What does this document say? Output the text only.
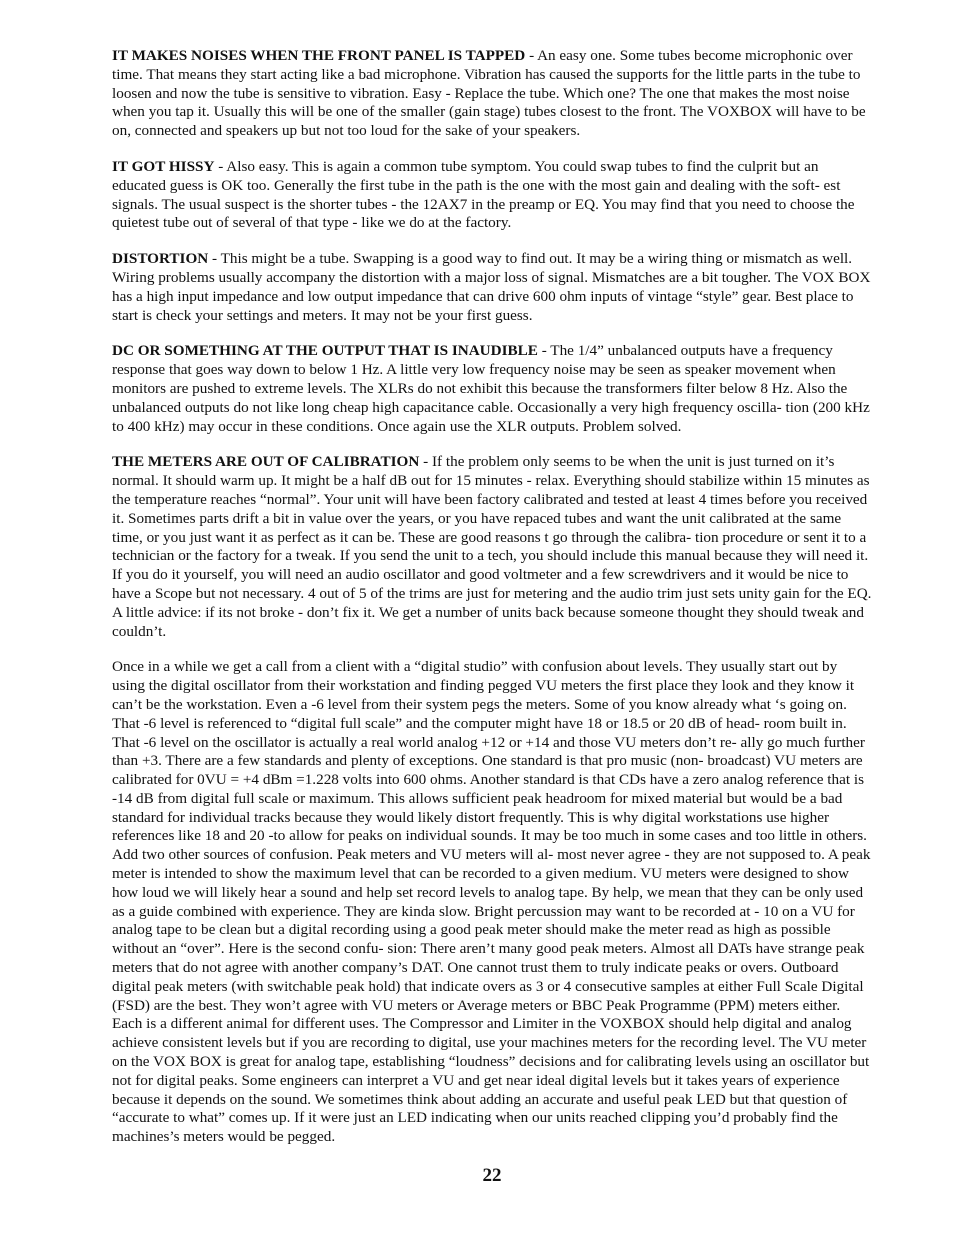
IT MAKES NOISES WHEN THE FRONT PANEL IS TAPPED - An easy one. Some tubes become microphonic over time. That means they start acting like a bad microphone. Vibration has caused the supports for the little parts in the tube to loosen and now the tube is sensitive to vibration. Easy - Replace the tube. Which one? The one that makes the most noise when you tap it. Usually this will be one of the smaller (gain stage) tubes closest to the front. The VOXBOX will have to be on, connected and speakers up but not too loud for the sake of your speakers.

IT GOT HISSY - Also easy. This is again a common tube symptom. You could swap tubes to find the culprit but an educated guess is OK too. Generally the first tube in the path is the one with the most gain and dealing with the soft- est signals. The usual suspect is the shorter tubes - the 12AX7 in the preamp or EQ. You may find that you need to choose the quietest tube out of several of that type - like we do at the factory.

DISTORTION - This might be a tube. Swapping is a good way to find out. It may be a wiring thing or mismatch as well. Wiring problems usually accompany the distortion with a major loss of signal. Mismatches are a bit tougher. The VOX BOX has a high input impedance and low output impedance that can drive 600 ohm inputs of vintage “style” gear. Best place to start is check your settings and meters. It may not be your first guess.

DC OR SOMETHING AT THE OUTPUT THAT IS INAUDIBLE - The 1/4” unbalanced outputs have a frequency response that goes way down to below 1 Hz. A little very low frequency noise may be seen as speaker movement when monitors are pushed to extreme levels. The XLRs do not exhibit this because the transformers filter below 8 Hz. Also the unbalanced outputs do not like long cheap high capacitance cable. Occasionally a very high frequency oscilla- tion (200 kHz to 400 kHz) may occur in these conditions. Once again use the XLR outputs. Problem solved.

THE METERS ARE OUT OF CALIBRATION - If the problem only seems to be when the unit is just turned on it’s normal. It should warm up. It might be a half dB out for 15 minutes - relax. Everything should stabilize within 15 minutes as the temperature reaches “normal”. Your unit will have been factory calibrated and tested at least 4 times before you received it. Sometimes parts drift a bit in value over the years, or you have repaced tubes and want the unit calibrated at the same time, or you just want it as perfect as it can be. These are good reasons t go through the calibra- tion procedure or sent it to a technician or the factory for a tweak. If you send the unit to a tech, you should include this manual because they will need it. If you do it yourself, you will need an audio oscillator and good voltmeter and a few screwdrivers and it would be nice to have a Scope but not necessary. 4 out of 5 of the trims are just for metering and the audio trim just sets unity gain for the EQ. A little advice: if its not broke - don’t fix it. We get a number of units back because someone thought they should tweak and couldn’t.

Once in a while we get a call from a client with a “digital studio” with confusion about levels. They usually start out by using the digital oscillator from their workstation and finding pegged VU meters the first place they look and they know it can’t be the workstation. Even a -6 level from their system pegs the meters. Some of you know already what ‘s going on. That -6 level is referenced to “digital full scale” and the computer might have 18 or 18.5 or 20 dB of head- room built in. That -6 level on the oscillator is actually a real world analog +12 or +14 and those VU meters don’t re- ally go much further than +3. There are a few standards and plenty of exceptions. One standard is that pro music (non- broadcast) VU meters are calibrated for 0VU = +4 dBm =1.228 volts into 600 ohms. Another standard is that CDs have a zero analog reference that is -14 dB from digital full scale or maximum. This allows sufficient peak headroom for mixed material but would be a bad standard for individual tracks because they would likely distort frequently. This is why digital workstations use higher references like 18 and 20 -to allow for peaks on individual sounds. It may be too much in some cases and too little in others. Add two other sources of confusion. Peak meters and VU meters will al- most never agree - they are not supposed to. A peak meter is intended to show the maximum level that can be recorded to a given medium. VU meters were designed to show how loud we will likely hear a sound and help set record levels to analog tape. By help, we mean that they can be only used as a guide combined with experience. They are kinda slow. Bright percussion may want to be recorded at - 10 on a VU for analog tape to be clean but a digital recording using a good peak meter should make the meter read as high as possible without an “over”. Here is the second confu- sion: There aren’t many good peak meters. Almost all DATs have strange peak meters that do not agree with another company’s DAT. One cannot trust them to truly indicate peaks or overs. Outboard digital peak meters (with switchable peak hold) that indicate overs as 3 or 4 consecutive samples at either Full Scale Digital (FSD) are the best. They won’t agree with VU meters or Average meters or BBC Peak Programme (PPM) meters either. Each is a different animal for different uses. The Compressor and Limiter in the VOXBOX should help digital and analog achieve consistent levels but if you are recording to digital, use your machines meters for the recording level. The VU meter on the VOX BOX is great for analog tape, establishing “loudness” decisions and for calibrating levels using an oscillator but not for digital peaks. Some engineers can interpret a VU and get near ideal digital levels but it takes years of experience because it depends on the sound. We sometimes think about adding an accurate and useful peak LED but that question of “accurate to what” comes up. If it were just an LED indicating when our units reached clipping you’d probably find the machines’s meters would be pegged.

22
